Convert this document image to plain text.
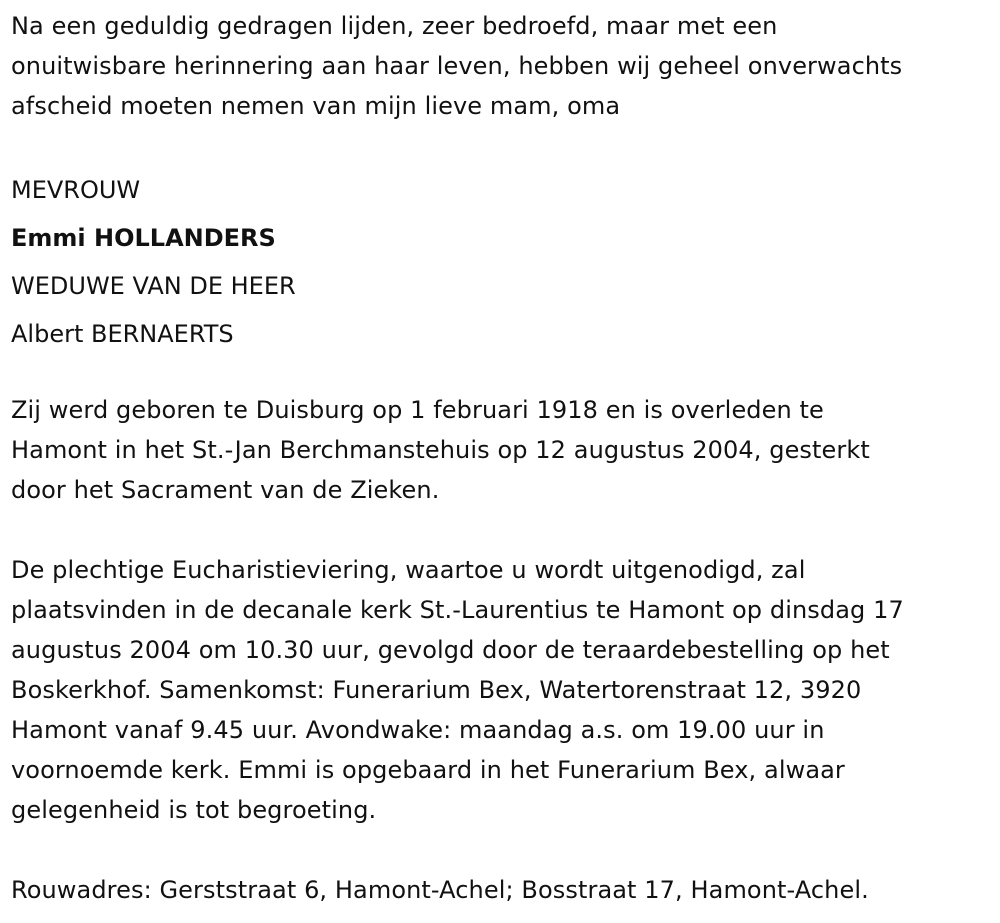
Na een geduldig gedragen lijden, zeer bedroefd, maar met een
onuitwisbare herinnering aan haar leven, hebben wij geheel onverwachts
afscheid moeten nemen van mijn lieve mam, oma

MEVROUW
Emmi HOLLANDERS
WEDUWE VAN DE HEER
Albert BERNAERTS

Zij werd geboren te Duisburg op 1 februari 1918 en is overleden te
Hamont in het St.-Jan Berchmanstehuis op 12 augustus 2004, gesterkt
door het Sacrament van de Zieken.

De plechtige Eucharistieviering, waartoe u wordt uitgenodigd, zal
plaatsvinden in de decanale kerk St.-Laurentius te Hamont op dinsdag 17
augustus 2004 om 10.30 uur, gevolgd door de teraardebestelling op het
Boskerkhof. Samenkomst: Funerarium Bex, Watertorenstraat 12, 3920
Hamont vanaf 9.45 uur. Avondwake: maandag a.s. om 19.00 uur in
voornoemde kerk. Emmi is opgebaard in het Funerarium Bex, alwaar
gelegenheid is tot begroeting.

Rouwadres: Gerststraat 6, Hamont-Achel; Bosstraat 17, Hamont-Achel.
